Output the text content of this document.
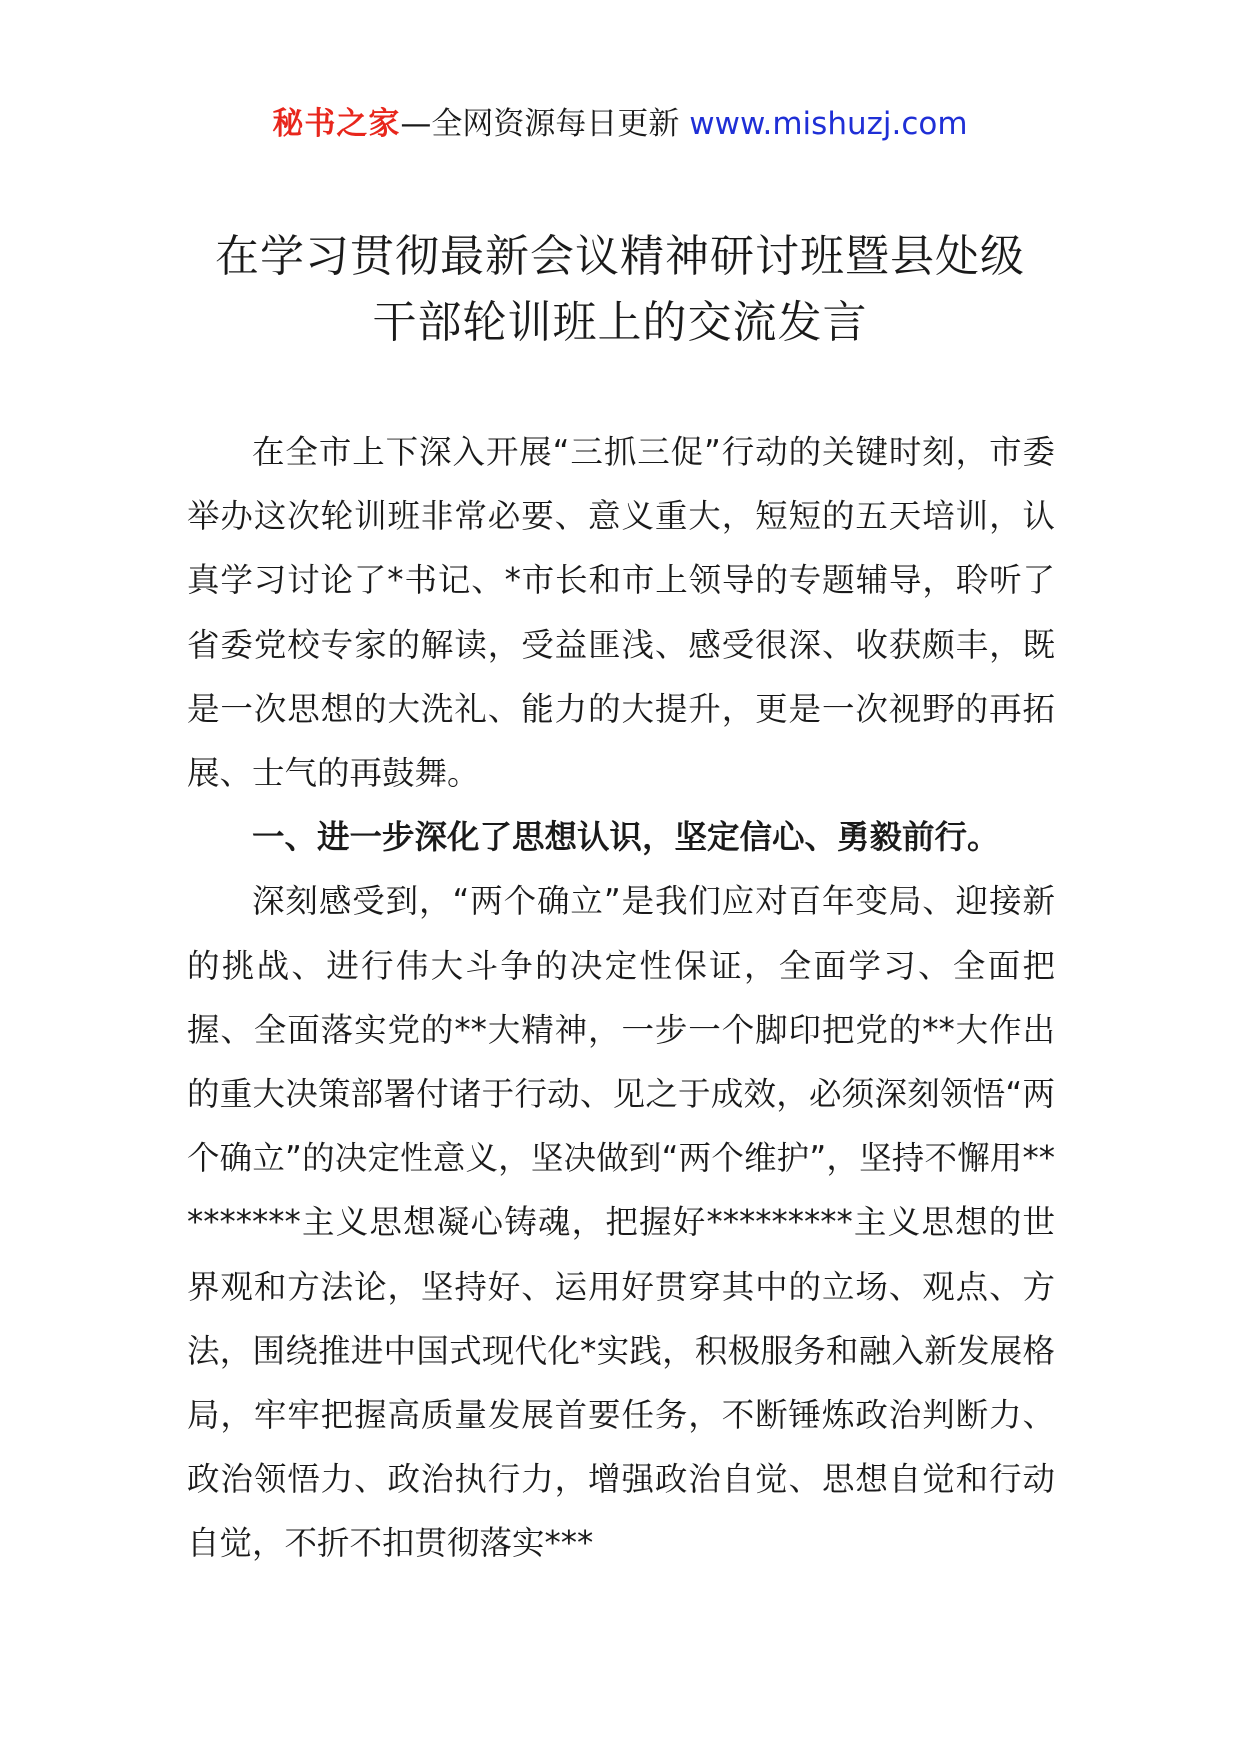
秘书之家—全网资源每日更新 www.mishuzj.com
在学习贯彻最新会议精神研讨班暨县处级
干部轮训班上的交流发言

在全市上下深入开展“三抓三促”行动的关键时刻，市委举办这次轮训班非常必要、意义重大，短短的五天培训，认真学习讨论了*书记、*市长和市上领导的专题辅导，聆听了省委党校专家的解读，受益匪浅、感受很深、收获颇丰，既是一次思想的大洗礼、能力的大提升，更是一次视野的再拓展、士气的再鼓舞。

一、进一步深化了思想认识，坚定信心、勇毅前行。

深刻感受到，“两个确立”是我们应对百年变局、迎接新的挑战、进行伟大斗争的决定性保证，全面学习、全面把握、全面落实党的**大精神，一步一个脚印把党的**大作出的重大决策部署付诸于行动、见之于成效，必须深刻领悟“两个确立”的决定性意义，坚决做到“两个维护”，坚持不懈用*********主义思想凝心铸魂，把握好*********主义思想的世界观和方法论，坚持好、运用好贯穿其中的立场、观点、方法，围绕推进中国式现代化*实践，积极服务和融入新发展格局，牢牢把握高质量发展首要任务，不断锤炼政治判断力、政治领悟力、政治执行力，增强政治自觉、思想自觉和行动自觉，不折不扣贯彻落实***
